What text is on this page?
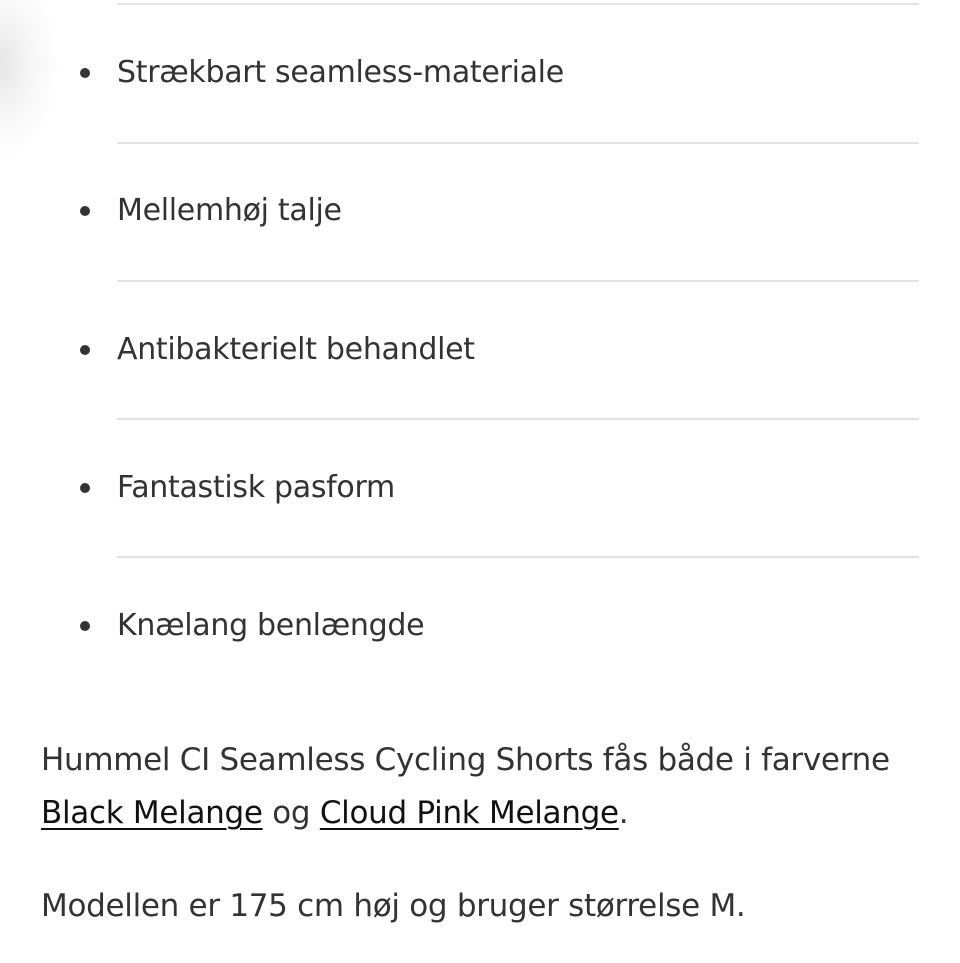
Strækbart seamless-materiale
Mellemhøj talje
Antibakterielt behandlet
Fantastisk pasform
Knælang benlængde

Hummel CI Seamless Cycling Shorts fås både i farverne Black Melange og Cloud Pink Melange.

Modellen er 175 cm høj og bruger størrelse M.
